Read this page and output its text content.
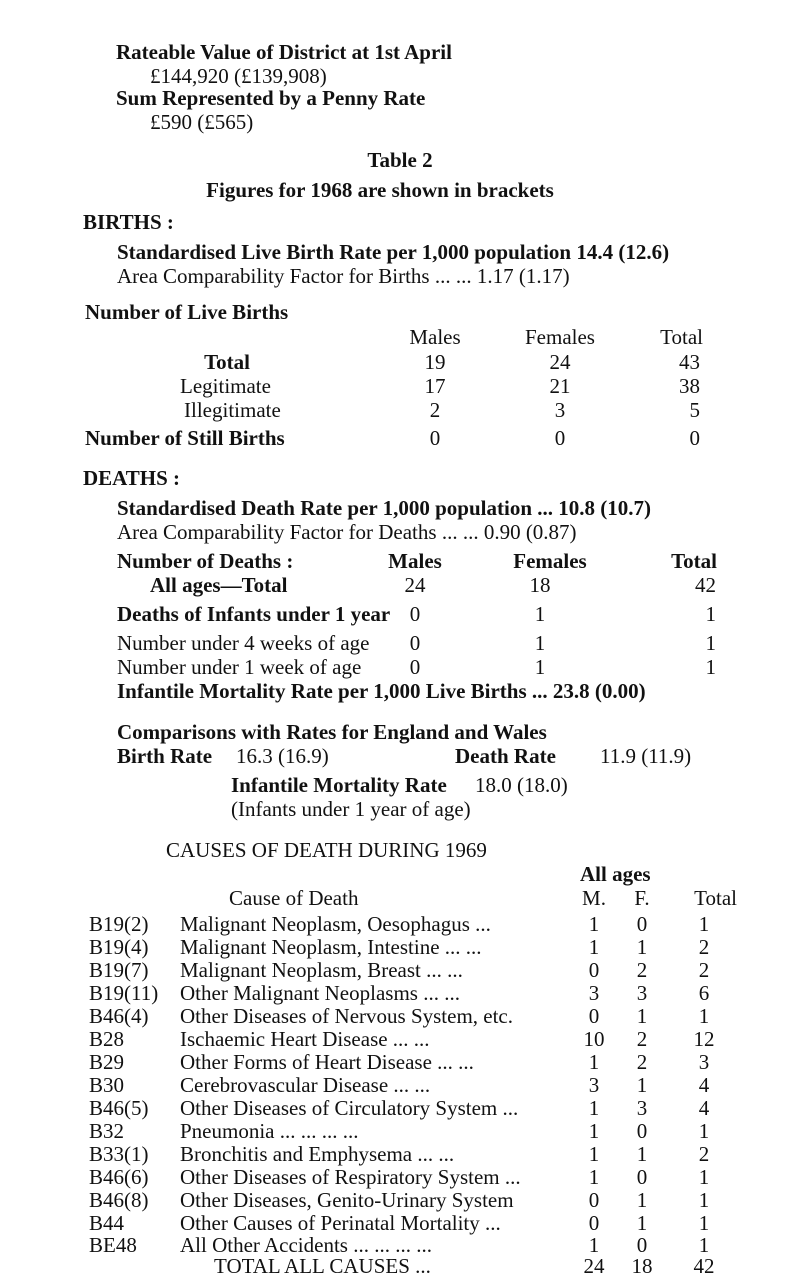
Rateable Value of District at 1st April
£144,920 (£139,908)
Sum Represented by a Penny Rate
£590 (£565)
Table 2
Figures for 1968 are shown in brackets
BIRTHS :
Standardised Live Birth Rate per 1,000 population 14.4 (12.6)
Area Comparability Factor for Births ... ... 1.17 (1.17)
Number of Live Births
Males	Females	Total
Total	19	24	43
Legitimate	17	21	38
Illegitimate	2	3	5
Number of Still Births	0	0	0
DEATHS :
Standardised Death Rate per 1,000 population ... 10.8 (10.7)
Area Comparability Factor for Deaths ... ... 0.90 (0.87)
Number of Deaths :	Males	Females	Total
All ages—Total	24	18	42
Deaths of Infants under 1 year 0	1	1
Number under 4 weeks of age	0	1	1
Number under 1 week of age	0	1	1
Infantile Mortality Rate per 1,000 Live Births ... 23.8 (0.00)
Comparisons with Rates for England and Wales
Birth Rate 16.3 (16.9)	Death Rate 11.9 (11.9)
Infantile Mortality Rate 18.0 (18.0)
(Infants under 1 year of age)
CAUSES OF DEATH DURING 1969
All ages
Cause of Death	M.	F.	Total
B19(2) Malignant Neoplasm, Oesophagus ...	1	0	1
B19(4) Malignant Neoplasm, Intestine ... ...	1	1	2
B19(7) Malignant Neoplasm, Breast ... ...	0	2	2
B19(11) Other Malignant Neoplasms ... ...	3	3	6
B46(4) Other Diseases of Nervous System, etc.	0	1	1
B28	Ischaemic Heart Disease ... ...	10	2	12
B29	Other Forms of Heart Disease ... ...	1	2	3
B30	Cerebrovascular Disease ... ...	3	1	4
B46(5) Other Diseases of Circulatory System ...	1	3	4
B32	Pneumonia ... ... ... ...	1	0	1
B33(1) Bronchitis and Emphysema ... ...	1	1	2
B46(6) Other Diseases of Respiratory System ...	1	0	1
B46(8) Other Diseases, Genito-Urinary System	0	1	1
B44	Other Causes of Perinatal Mortality ...	0	1	1
BE48 All Other Accidents ... ... ... ...	1	0	1
TOTAL ALL CAUSES ...	24	18	42
